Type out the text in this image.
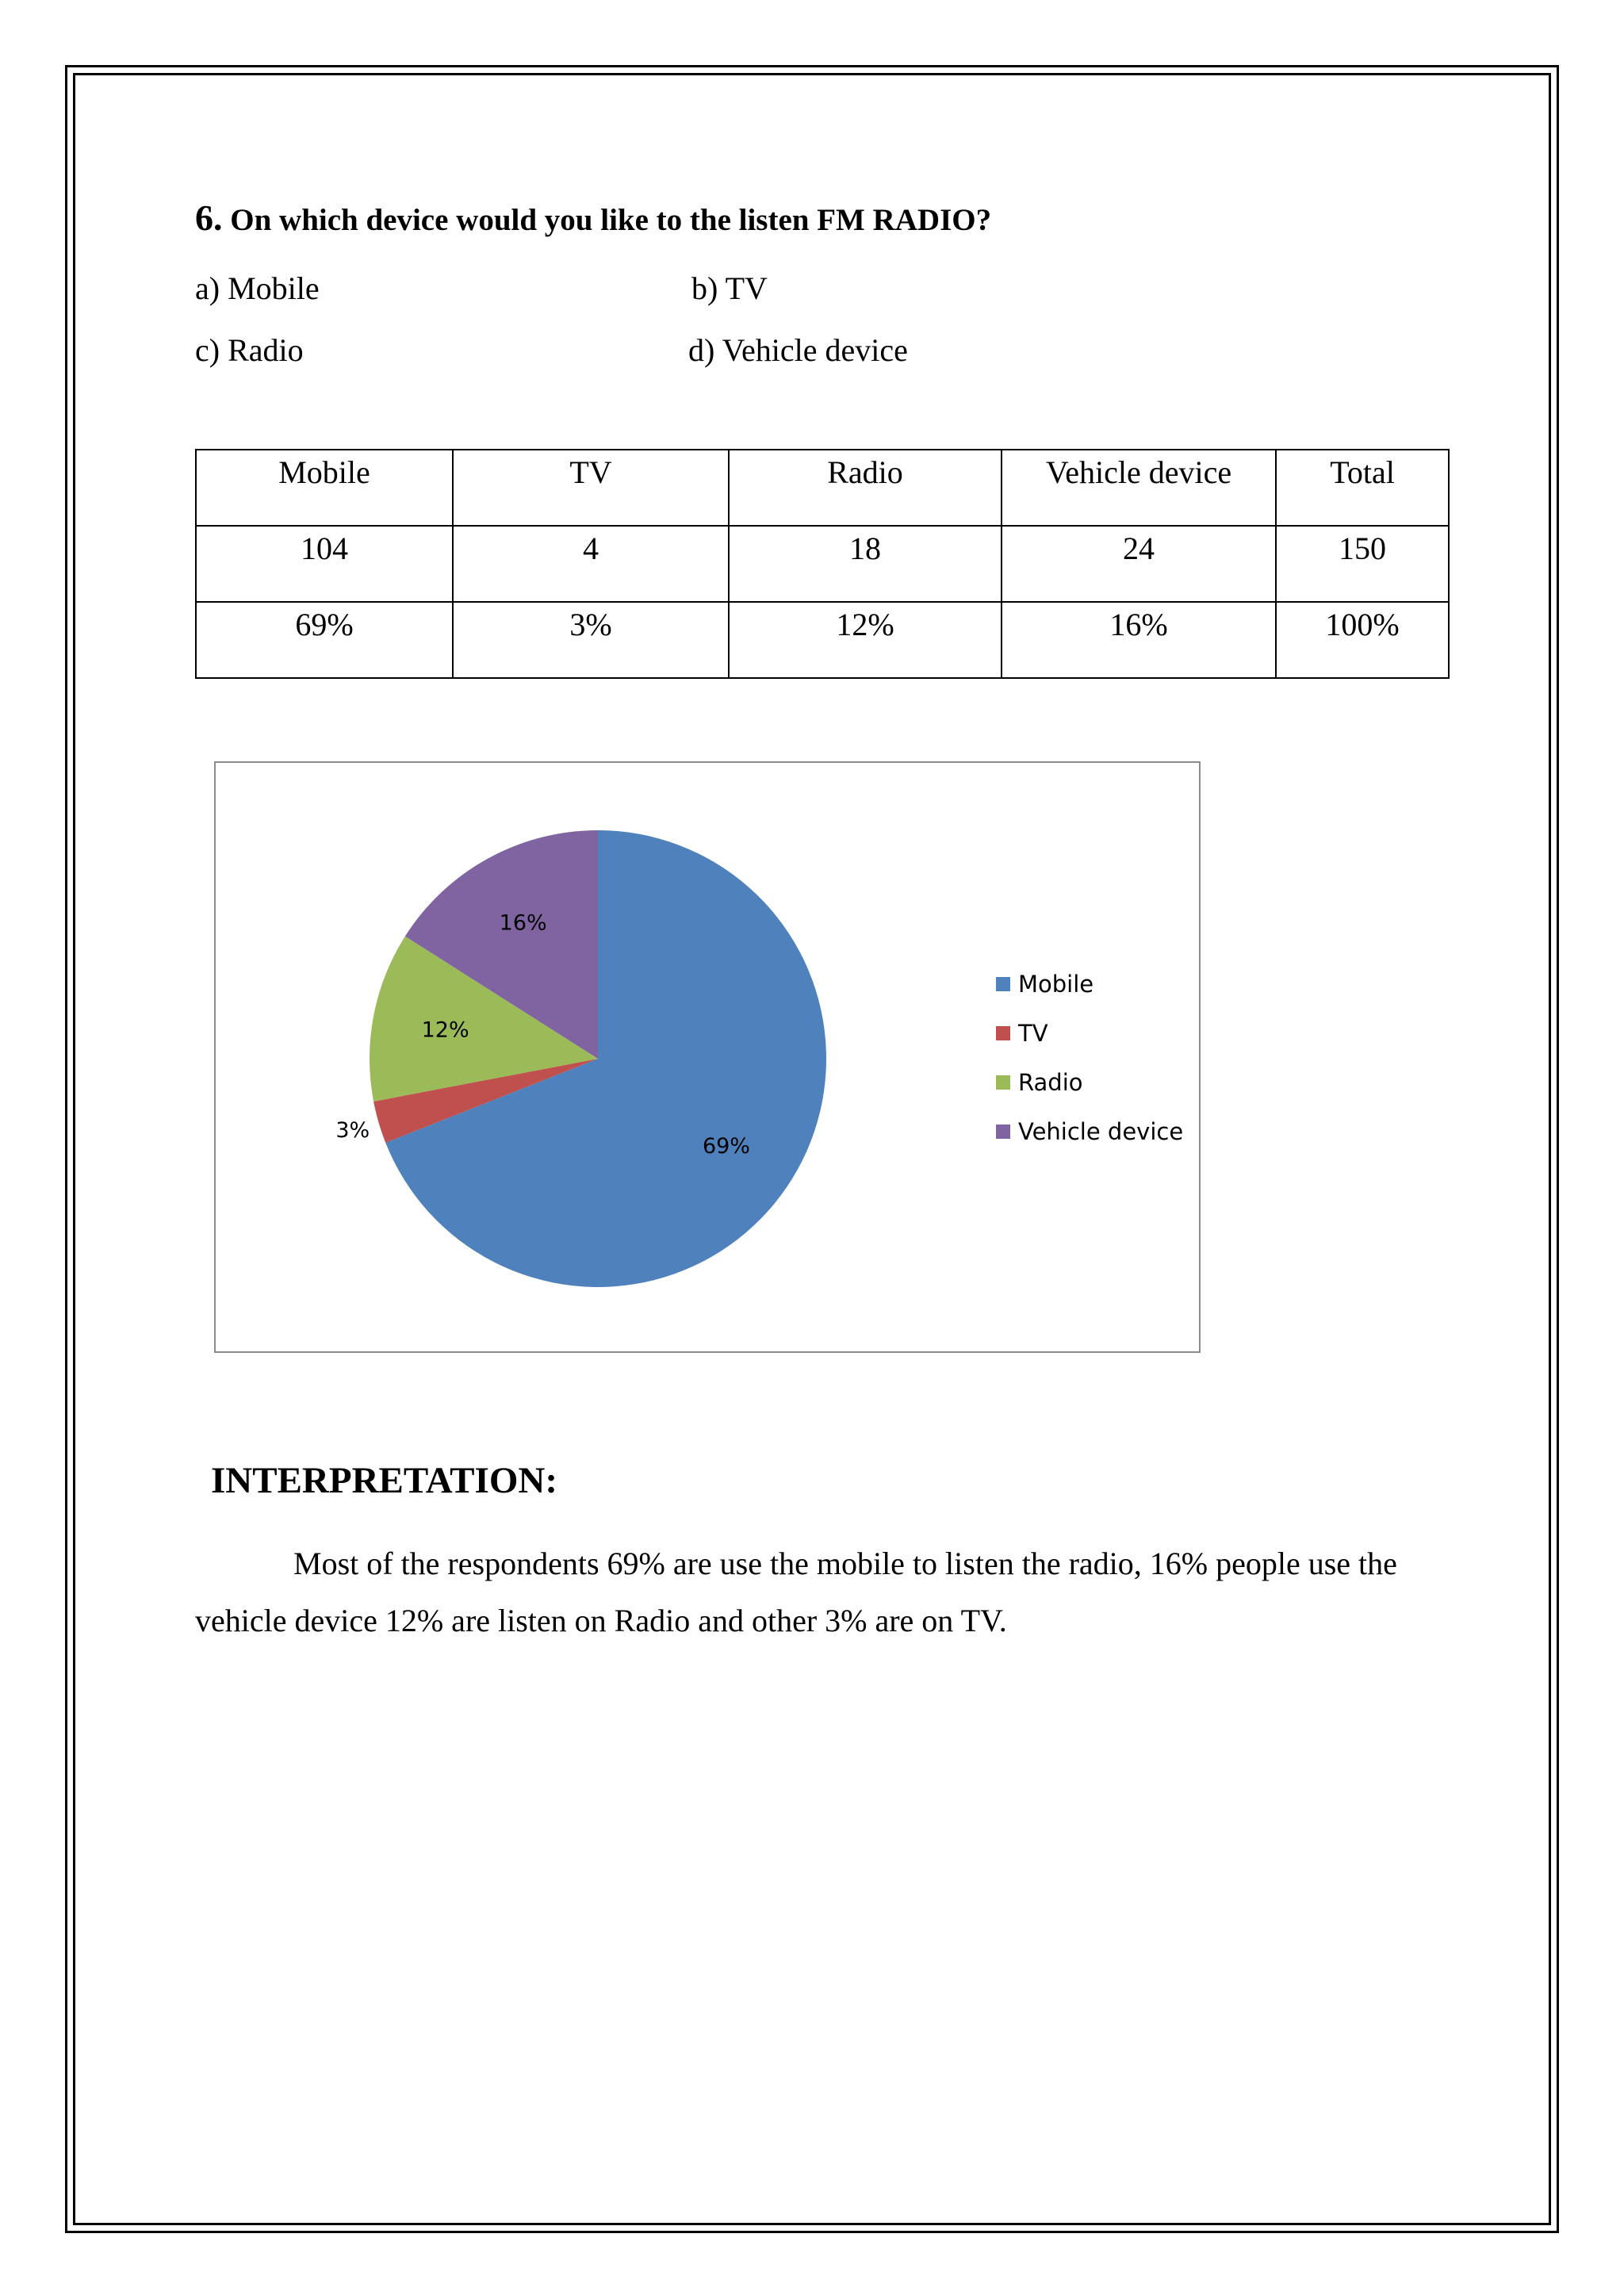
6. On which device would you like to the listen FM RADIO?
a) Mobile	b) TV
c) Radio	d) Vehicle device
Mobile	TV	Radio	Vehicle device	Total
104	4	18	24	150
69%	3%	12%	16%	100%
69%
3%
12%
16%
Mobile
TV
Radio
Vehicle device
INTERPRETATION:
Most of the respondents 69% are use the mobile to listen the radio, 16% people use the vehicle device 12% are listen on Radio and other 3% are on TV.
